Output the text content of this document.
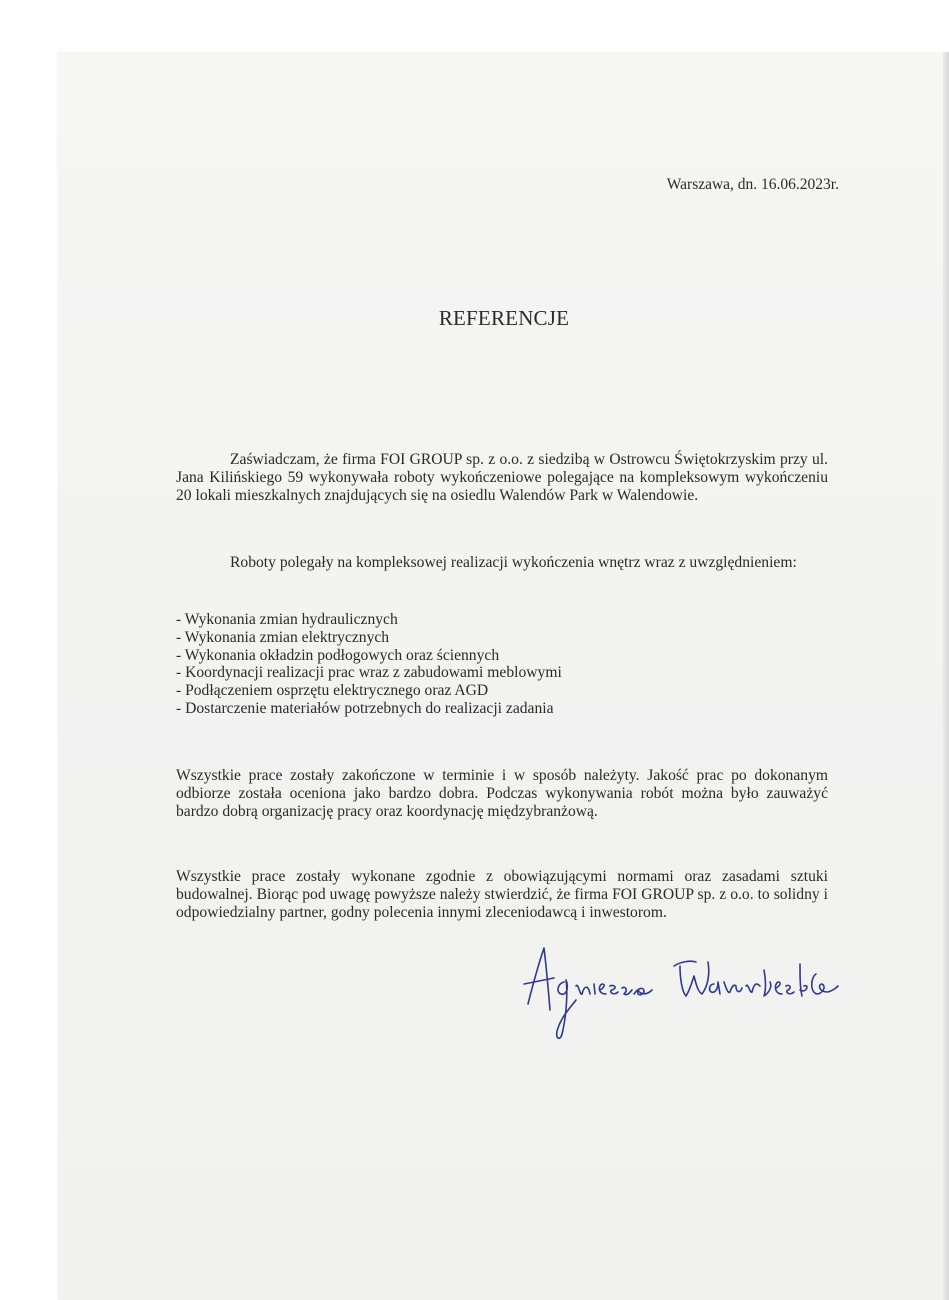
Warszawa, dn. 16.06.2023r.
REFERENCJE

Zaświadczam, że firma FOI GROUP sp. z o.o. z siedzibą w Ostrowcu Świętokrzyskim przy ul. Jana Kilińskiego 59 wykonywała roboty wykończeniowe polegające na kompleksowym wykończeniu 20 lokali mieszkalnych znajdujących się na osiedlu Walendów Park w Walendowie.

Roboty polegały na kompleksowej realizacji wykończenia wnętrz wraz z uwzględnieniem:

- Wykonania zmian hydraulicznych
- Wykonania zmian elektrycznych
- Wykonania okładzin podłogowych oraz ściennych
- Koordynacji realizacji prac wraz z zabudowami meblowymi
- Podłączeniem osprzętu elektrycznego oraz AGD
- Dostarczenie materiałów potrzebnych do realizacji zadania

Wszystkie prace zostały zakończone w terminie i w sposób należyty. Jakość prac po dokonanym odbiorze została oceniona jako bardzo dobra. Podczas wykonywania robót można było zauważyć bardzo dobrą organizację pracy oraz koordynację międzybranżową.

Wszystkie prace zostały wykonane zgodnie z obowiązującymi normami oraz zasadami sztuki budowalnej. Biorąc pod uwagę powyższe należy stwierdzić, że firma FOI GROUP sp. z o.o. to solidny i odpowiedzialny partner, godny polecenia innymi zleceniodawcą i inwestorom.
